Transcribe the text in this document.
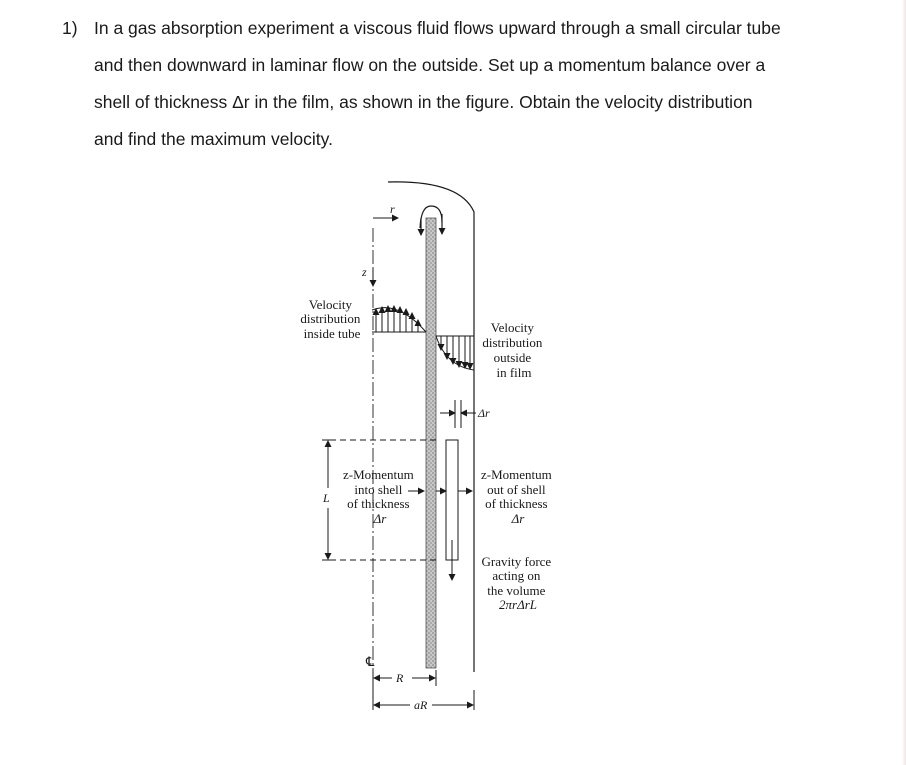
1) In a gas absorption experiment a viscous fluid flows upward through a small circular tube
and then downward in laminar flow on the outside. Set up a momentum balance over a
shell of thickness Δr in the film, as shown in the figure. Obtain the velocity distribution
and find the maximum velocity.
r
z
Δr
L
R
aR
℄
Velocity distribution inside tube	Velocity distribution outside in film
z-Momentum into shell of thickness Δr
z-Momentum out of shell of thickness Δr
Gravity force acting on the volume 2πrΔrL
